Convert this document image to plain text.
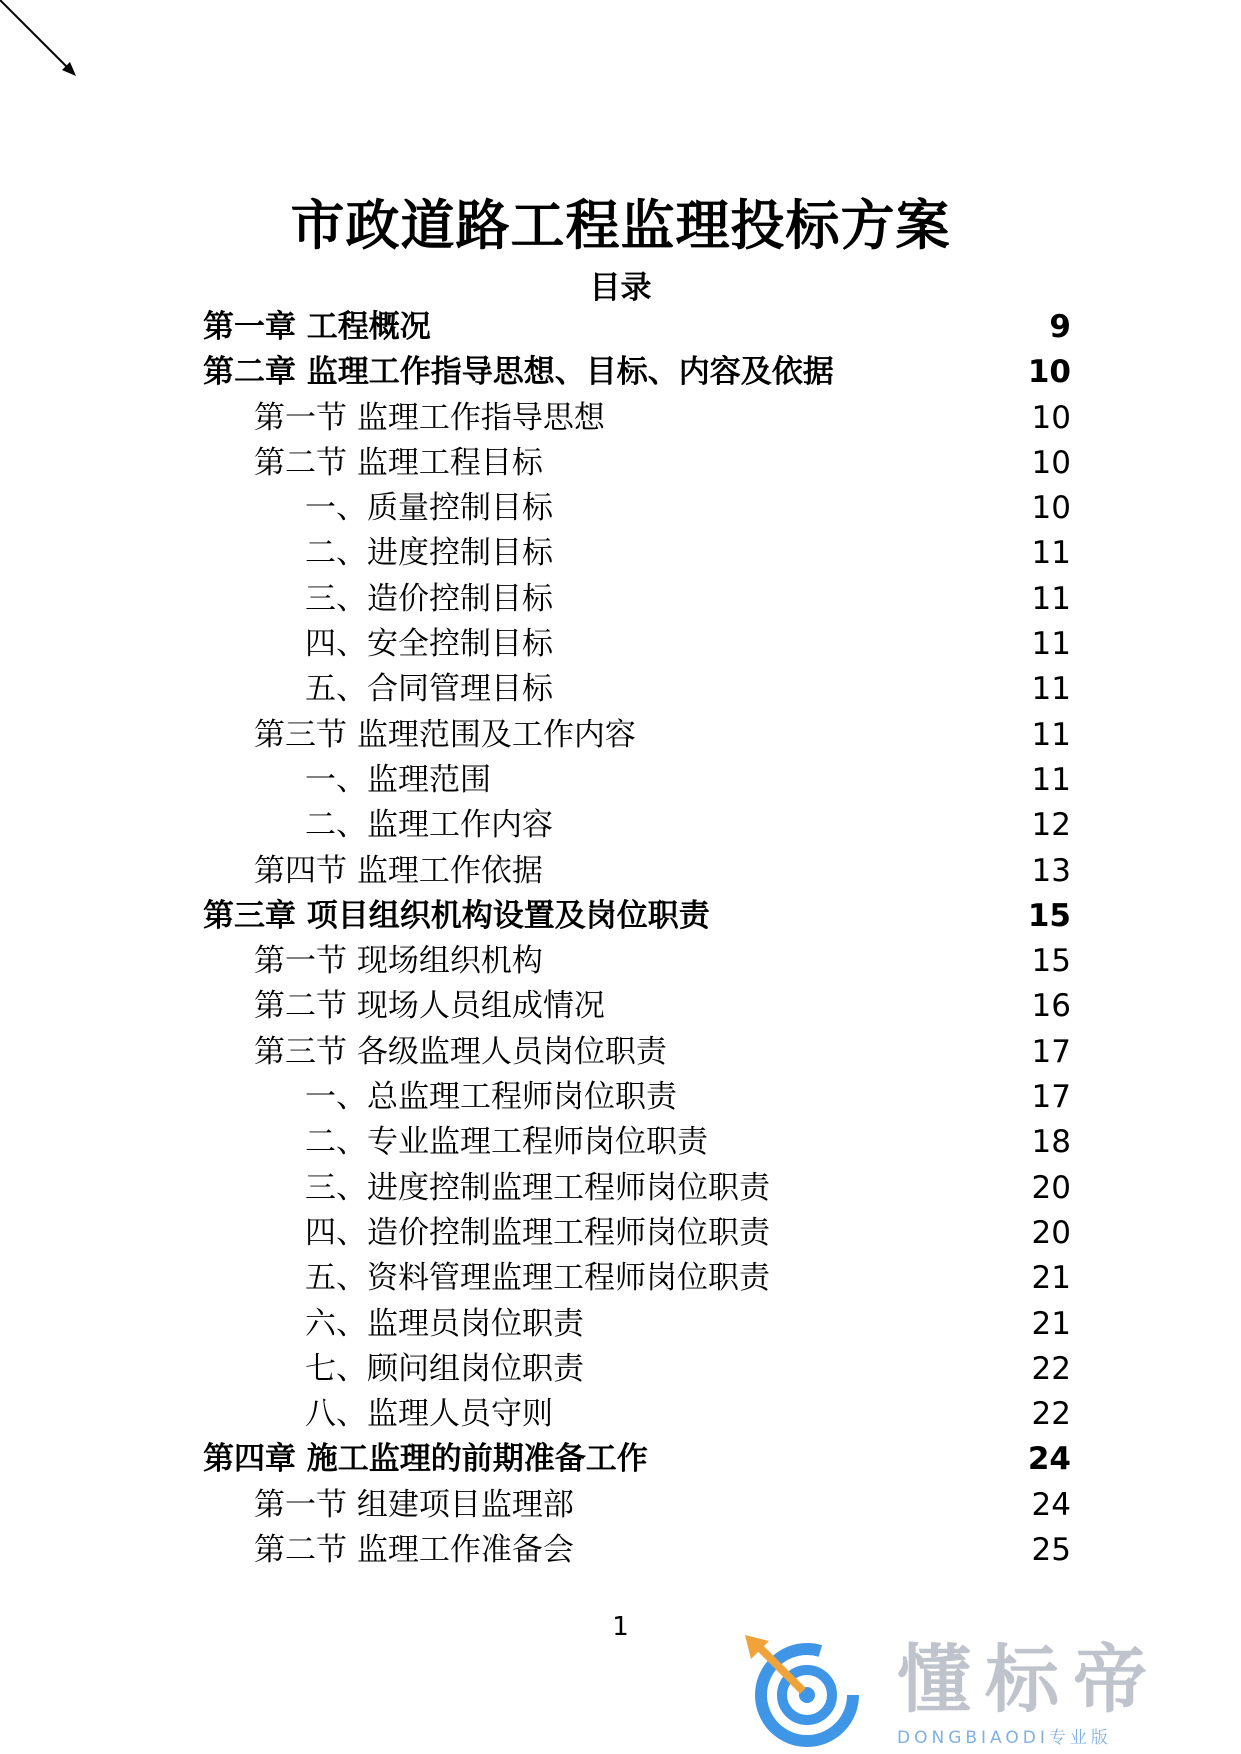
市政道路工程监理投标方案
目录
第一章 工程概况	9
第二章 监理工作指导思想、目标、内容及依据	10
第一节 监理工作指导思想	10
第二节 监理工程目标	10
一、质量控制目标	10
二、进度控制目标	11
三、造价控制目标	11
四、安全控制目标	11
五、合同管理目标	11
第三节 监理范围及工作内容	11
一、监理范围	11
二、监理工作内容	12
第四节 监理工作依据	13
第三章 项目组织机构设置及岗位职责	15
第一节 现场组织机构	15
第二节 现场人员组成情况	16
第三节 各级监理人员岗位职责	17
一、总监理工程师岗位职责	17
二、专业监理工程师岗位职责	18
三、进度控制监理工程师岗位职责	20
四、造价控制监理工程师岗位职责	20
五、资料管理监理工程师岗位职责	21
六、监理员岗位职责	21
七、顾问组岗位职责	22
八、监理人员守则	22
第四章 施工监理的前期准备工作	24
第一节 组建项目监理部	24
第二节 监理工作准备会	25
1
懂标帝
DONGBIAODI专业版
